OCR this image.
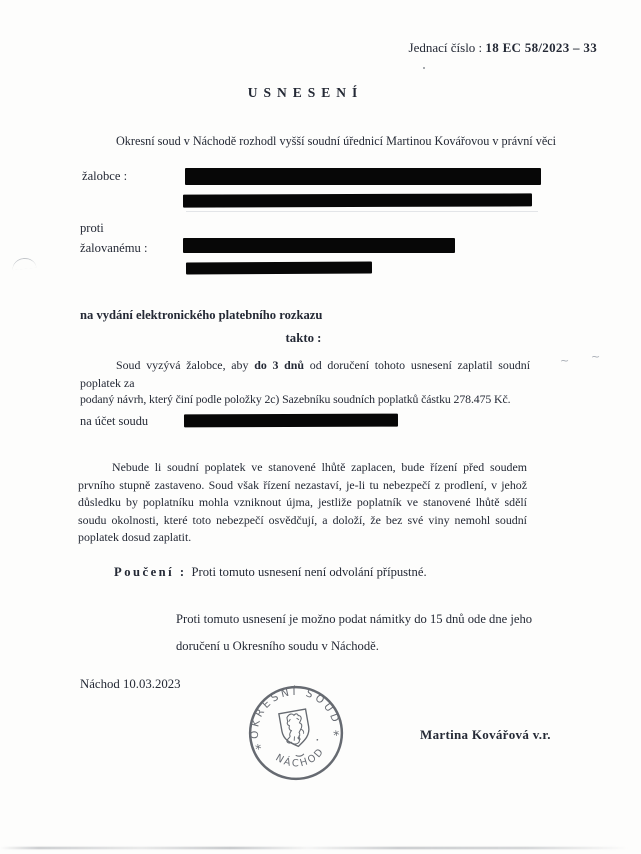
Jednací číslo : 18 EC 58/2023 – 33
USNESENÍ
Okresní soud v Náchodě rozhodl vyšší soudní úřednicí Martinou Kovářovou v právní věci
žalobce :
proti
žalovanému :
na vydání elektronického platebního rozkazu
takto :
Soud vyzývá žalobce, aby do 3 dnů od doručení tohoto usnesení zaplatil soudní poplatek za
podaný návrh, který činí podle položky 2c) Sazebníku soudních poplatků částku 278.475 Kč.
na účet soudu
~ ~
Nebude li soudní poplatek ve stanovené lhůtě zaplacen, bude řízení před soudem prvního stupně zastaveno. Soud však řízení nezastaví, je-li tu nebezpečí z prodlení, v jehož důsledku by poplatníku mohla vzniknout újma, jestliže poplatník ve stanovené lhůtě sdělí soudu okolnosti, které toto nebezpečí osvědčují, a doloží, že bez své viny nemohl soudní poplatek dosud zaplatit.
Poučení : Proti tomuto usnesení není odvolání přípustné.
Proti tomuto usnesení je možno podat námitky do 15 dnů ode dne jeho doručení u Okresního soudu v Náchodě.
Náchod 10.03.2023
OKRESNÍ SOUD
NÁCHOD
*
*	Martina Kovářová v.r.
